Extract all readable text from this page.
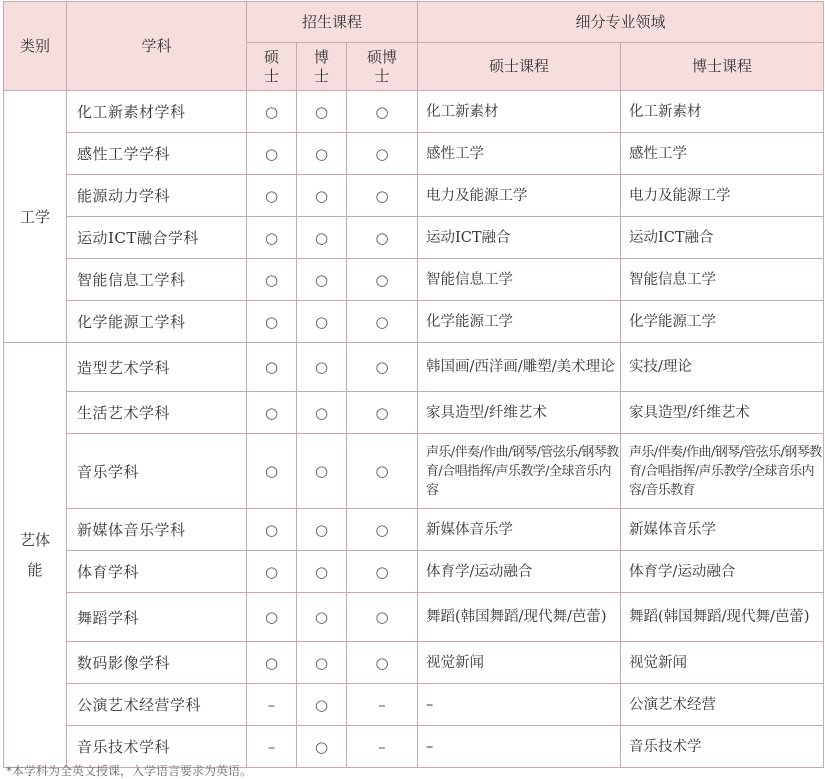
类别	学科	招生课程			细分专业领域	

		硕士	博士	硕博士	硕士课程	博士课程
工学	化工新素材学科	○	○	○	化工新素材	化工新素材
	感性工学学科	○	○	○	感性工学	感性工学
	能源动力学科	○	○	○	电力及能源工学	电力及能源工学
	运动ICT融合学科	○	○	○	运动ICT融合	运动ICT融合
	智能信息工学科	○	○	○	智能信息工学	智能信息工学
	化学能源工学科	○	○	○	化学能源工学	化学能源工学

艺体能	造型艺术学科	○	○	○	韩国画/西洋画/雕塑/美术理论	实技/理论
	生活艺术学科	○	○	○	家具造型/纤维艺术	家具造型/纤维艺术
	音乐学科	○	○	○	声乐/伴奏/作曲/钢琴/管弦乐/钢琴教育/合唱指挥/声乐教学/全球音乐内容	声乐/伴奏/作曲/钢琴/管弦乐/钢琴教育/合唱指挥/声乐教学/全球音乐内容/音乐教育
	新媒体音乐学科	○	○	○	新媒体音乐学	新媒体音乐学
	体育学科	○	○	○	体育学/运动融合	体育学/运动融合
	舞蹈学科	○	○	○	舞蹈(韩国舞蹈/现代舞/芭蕾)	舞蹈(韩国舞蹈/现代舞/芭蕾)
	数码影像学科	○	○	○	视觉新闻	视觉新闻
	公演艺术经营学科	–	○	–	–	公演艺术经营
	音乐技术学科	–	○	–	–	音乐技术学
*本学科为全英文授课，入学语言要求为英语。
